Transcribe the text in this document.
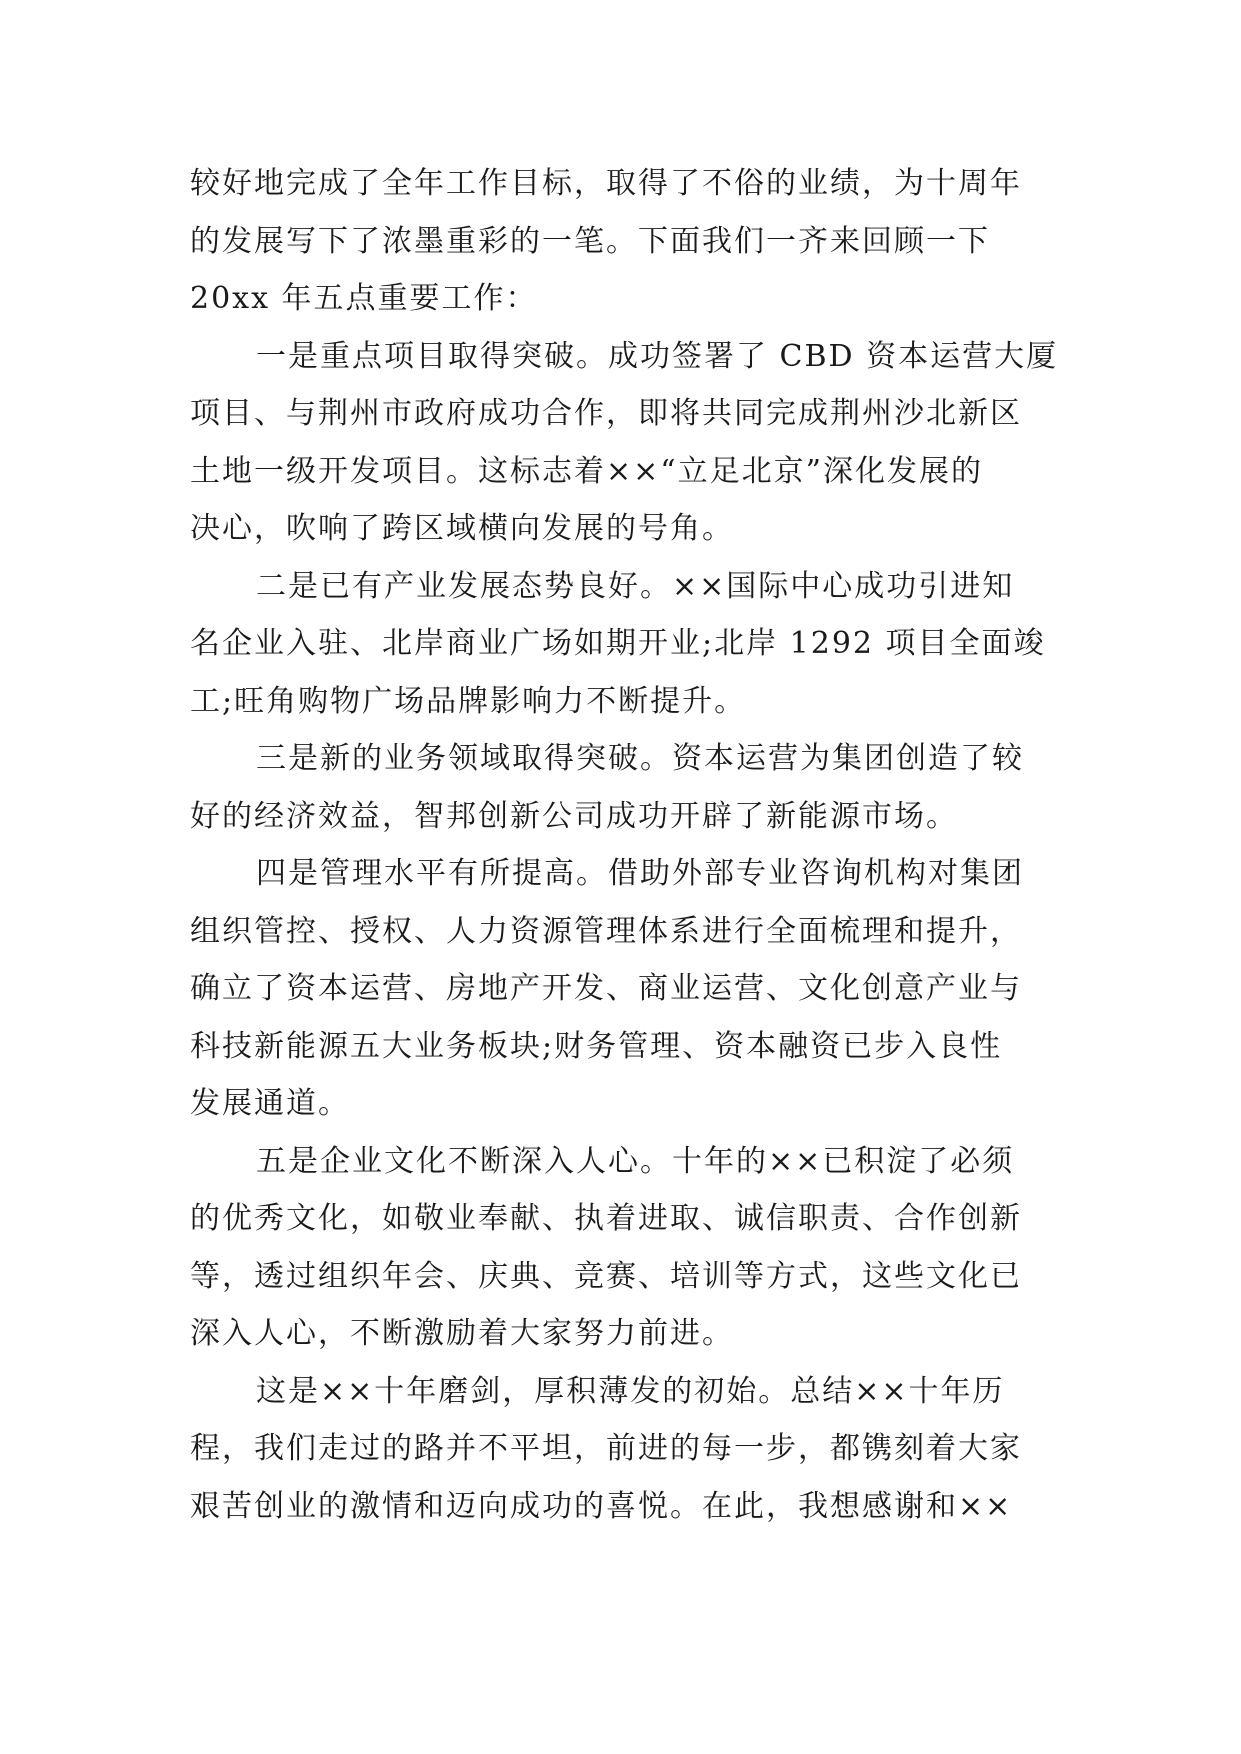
较好地完成了全年工作目标，取得了不俗的业绩，为十周年
的发展写下了浓墨重彩的一笔。下面我们一齐来回顾一下
20xx 年五点重要工作：
一是重点项目取得突破。成功签署了 CBD 资本运营大厦
项目、与荆州市政府成功合作，即将共同完成荆州沙北新区
土地一级开发项目。这标志着××“立足北京”深化发展的
决心，吹响了跨区域横向发展的号角。
二是已有产业发展态势良好。××国际中心成功引进知
名企业入驻、北岸商业广场如期开业;北岸 1292 项目全面竣
工;旺角购物广场品牌影响力不断提升。
三是新的业务领域取得突破。资本运营为集团创造了较
好的经济效益，智邦创新公司成功开辟了新能源市场。
四是管理水平有所提高。借助外部专业咨询机构对集团
组织管控、授权、人力资源管理体系进行全面梳理和提升，
确立了资本运营、房地产开发、商业运营、文化创意产业与
科技新能源五大业务板块;财务管理、资本融资已步入良性
发展通道。
五是企业文化不断深入人心。十年的××已积淀了必须
的优秀文化，如敬业奉献、执着进取、诚信职责、合作创新
等，透过组织年会、庆典、竞赛、培训等方式，这些文化已
深入人心，不断激励着大家努力前进。
这是××十年磨剑，厚积薄发的初始。总结××十年历
程，我们走过的路并不平坦，前进的每一步，都镌刻着大家
艰苦创业的激情和迈向成功的喜悦。在此，我想感谢和××
